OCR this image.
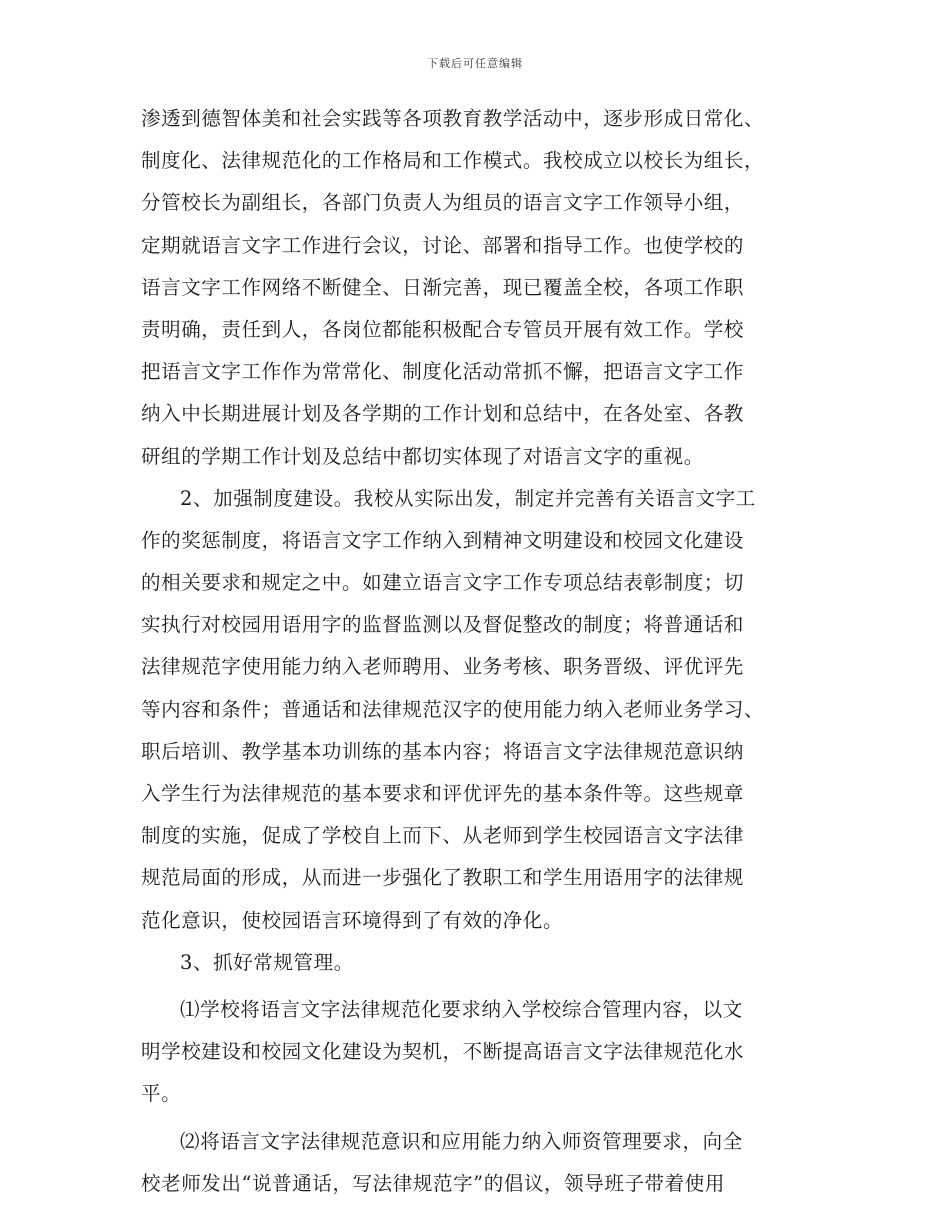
下载后可任意编辑
渗透到德智体美和社会实践等各项教育教学活动中，逐步形成日常化、
制度化、法律规范化的工作格局和工作模式。我校成立以校长为组长，
分管校长为副组长，各部门负责人为组员的语言文字工作领导小组，
定期就语言文字工作进行会议，讨论、部署和指导工作。也使学校的
语言文字工作网络不断健全、日渐完善，现已覆盖全校，各项工作职
责明确，责任到人，各岗位都能积极配合专管员开展有效工作。学校
把语言文字工作作为常常化、制度化活动常抓不懈，把语言文字工作
纳入中长期进展计划及各学期的工作计划和总结中，在各处室、各教
研组的学期工作计划及总结中都切实体现了对语言文字的重视。
2、加强制度建设。我校从实际出发，制定并完善有关语言文字工
作的奖惩制度，将语言文字工作纳入到精神文明建设和校园文化建设
的相关要求和规定之中。如建立语言文字工作专项总结表彰制度；切
实执行对校园用语用字的监督监测以及督促整改的制度；将普通话和
法律规范字使用能力纳入老师聘用、业务考核、职务晋级、评优评先
等内容和条件；普通话和法律规范汉字的使用能力纳入老师业务学习、
职后培训、教学基本功训练的基本内容；将语言文字法律规范意识纳
入学生行为法律规范的基本要求和评优评先的基本条件等。这些规章
制度的实施，促成了学校自上而下、从老师到学生校园语言文字法律
规范局面的形成，从而进一步强化了教职工和学生用语用字的法律规
范化意识，使校园语言环境得到了有效的净化。
3、抓好常规管理。
⑴学校将语言文字法律规范化要求纳入学校综合管理内容，以文
明学校建设和校园文化建设为契机，不断提高语言文字法律规范化水
平。
⑵将语言文字法律规范意识和应用能力纳入师资管理要求，向全
校老师发出“说普通话，写法律规范字”的倡议，领导班子带着使用
